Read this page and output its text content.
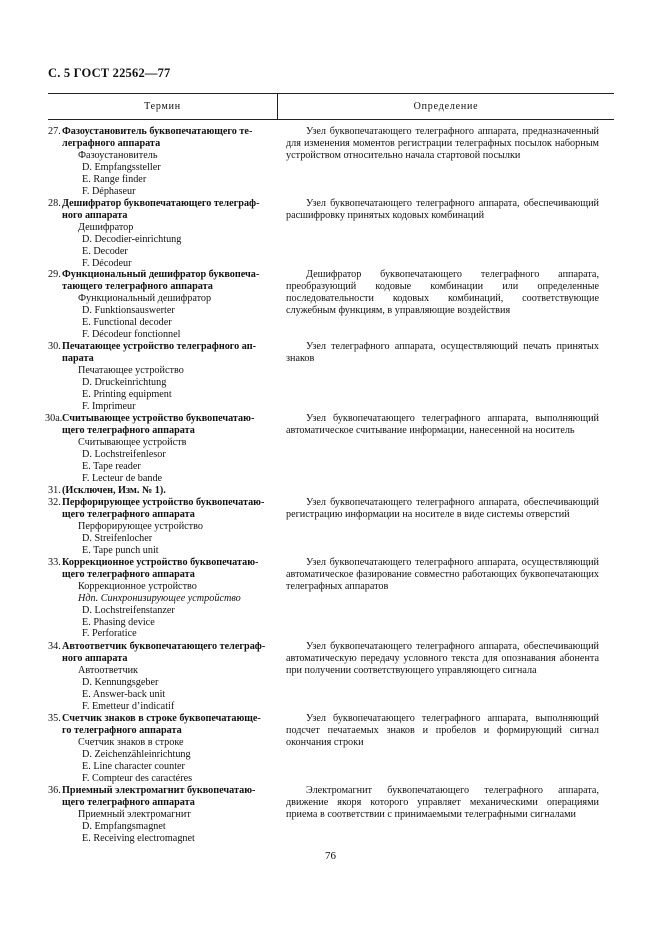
С. 5 ГОСТ 22562—77
Термин	Определение
27. Фазоустановитель буквопечатающего те-
леграфного аппарата
Фазоустановитель
D. Empfangssteller
E. Range finder
F. Déphaseur
Узел буквопечатающего телеграфного аппарата, предназначенный для изменения моментов регистрации телеграфных посылок наборным устройством относительно начала стартовой посылки
28. Дешифратор буквопечатающего телеграф-
ного аппарата
Дешифратор
D. Decodier-einrichtung
E. Decoder
F. Décodeur
Узел буквопечатающего телеграфного аппарата, обеспечивающий расшифровку принятых кодовых комбинаций
29. Функциональный дешифратор буквопеча-
тающего телеграфного аппарата
Функциональный дешифратор
D. Funktionsauswerter
E. Functional decoder
F. Décodeur fonctionnel
Дешифратор буквопечатающего телеграфного аппарата, преобразующий кодовые комбинации или определенные последовательности кодовых комбинаций, соответствующие служебным функциям, в управляющие воздействия
30. Печатающее устройство телеграфного ап-
парата
Печатающее устройство
D. Druckeinrichtung
E. Printing equipment
F. Imprimeur
Узел телеграфного аппарата, осуществляющий печать принятых знаков
30а. Считывающее устройство буквопечатаю-
щего телеграфного аппарата
Считывающее устройств
D. Lochstreifenlesor
E. Tape reader
F. Lecteur de bande
Узел буквопечатающего телеграфного аппарата, выполняющий автоматическое считывание информации, нанесенной на носитель
31. (Исключен, Изм. № 1).
32. Перфорирующее устройство буквопечатаю-
щего телеграфного аппарата
Перфорирующее устройство
D. Streifenlocher
E. Tape punch unit
Узел буквопечатающего телеграфного аппарата, обеспечивающий регистрацию информации на носителе в виде системы отверстий
33. Коррекционное устройство буквопечатаю-
щего телеграфного аппарата
Коррекционное устройство
Ндп. Синхронизирующее устройство
D. Lochstreifenstanzer
E. Phasing device
F. Perforatice
Узел буквопечатающего телеграфного аппарата, осуществляющий автоматическое фазирование совместно работающих буквопечатающих телеграфных аппаратов
34. Автоответчик буквопечатающего телеграф-
ного аппарата
Автоответчик
D. Kennungsgeber
E. Answer-back unit
F. Emetteur d’indicatif
Узел буквопечатающего телеграфного аппарата, обеспечивающий автоматическую передачу условного текста для опознавания абонента при получении соответствующего управляющего сигнала
35. Счетчик знаков в строке буквопечатающе-
го телеграфного аппарата
Счетчик знаков в строке
D. Zeichenzähleinrichtung
E. Line character counter
F. Compteur des caractéres
Узел буквопечатающего телеграфного аппарата, выполняющий подсчет печатаемых знаков и пробелов и формирующий сигнал окончания строки
36. Приемный электромагнит буквопечатаю-
щего телеграфного аппарата
Приемный электромагнит
D. Empfangsmagnet
E. Receiving electromagnet
Электромагнит буквопечатающего телеграфного аппарата, движение якоря которого управляет механическими операциями приема в соответствии с принимаемыми телеграфными сигналами
76
